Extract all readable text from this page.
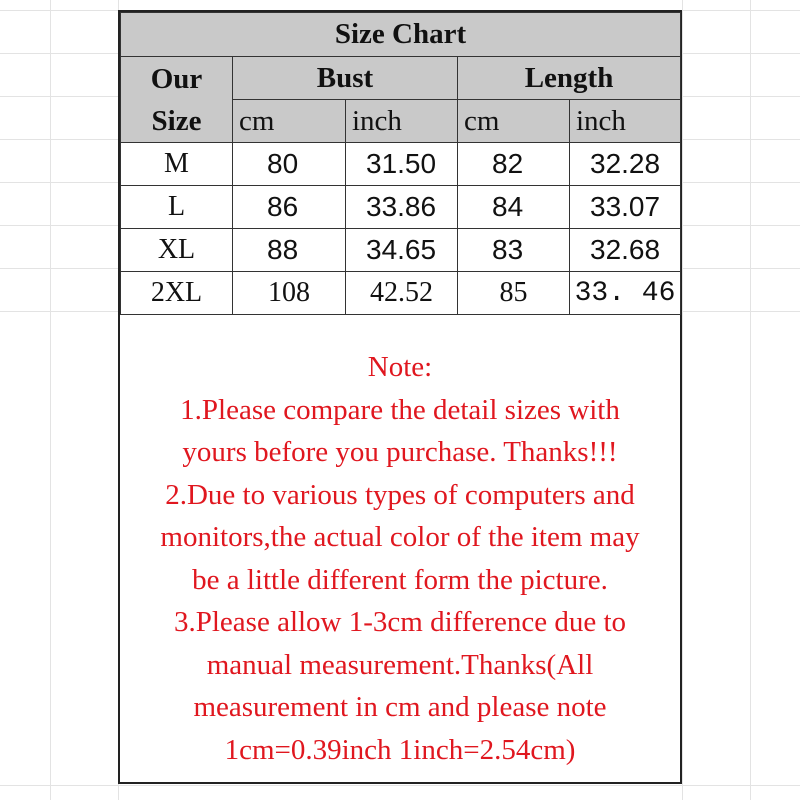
Size Chart				

Our
Size	Bust		Length	
	cm	inch	cm	inch
M	80	31.50	82	32.28
L	86	33.86	84	33.07
XL	88	34.65	83	32.68
2XL	108	42.52	85	33. 46
Note:
1.Please compare the detail sizes with
yours before you purchase. Thanks!!!
2.Due to various types of computers and
monitors,the actual color of the item may
be a little different form the picture.
3.Please allow 1-3cm difference due to
manual measurement.Thanks(All
measurement in cm and please note
1cm=0.39inch 1inch=2.54cm)
